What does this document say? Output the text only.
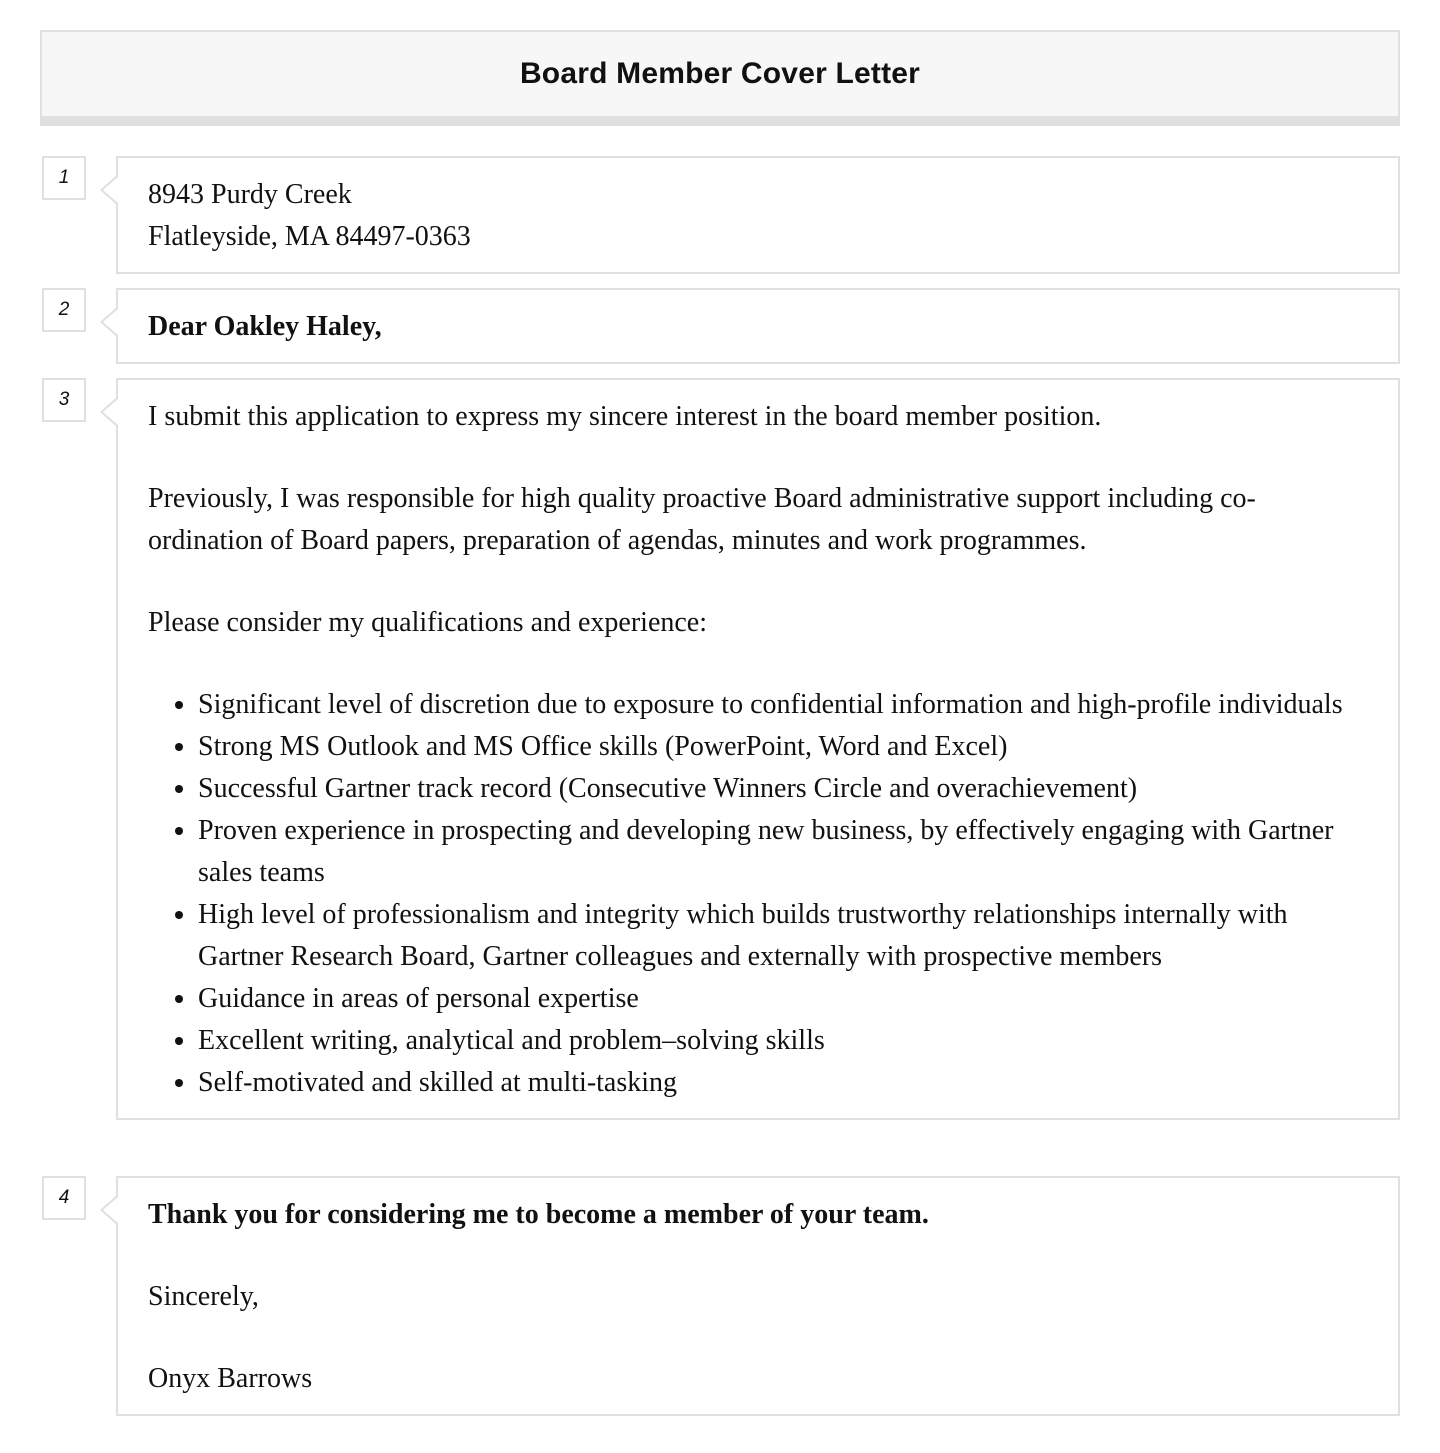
Board Member Cover Letter
1
8943 Purdy Creek
Flatleyside, MA 84497-0363
2
Dear Oakley Haley,
3

I submit this application to express my sincere interest in the board member position.

Previously, I was responsible for high quality proactive Board administrative support including co-ordination of Board papers, preparation of agendas, minutes and work programmes.

Please consider my qualifications and experience:

• Significant level of discretion due to exposure to confidential information and high-profile individuals
• Strong MS Outlook and MS Office skills (PowerPoint, Word and Excel)
• Successful Gartner track record (Consecutive Winners Circle and overachievement)
• Proven experience in prospecting and developing new business, by effectively engaging with Gartner sales teams
• High level of professionalism and integrity which builds trustworthy relationships internally with Gartner Research Board, Gartner colleagues and externally with prospective members
• Guidance in areas of personal expertise
• Excellent writing, analytical and problem–solving skills
• Self-motivated and skilled at multi-tasking
4

Thank you for considering me to become a member of your team.

Sincerely,

Onyx Barrows
